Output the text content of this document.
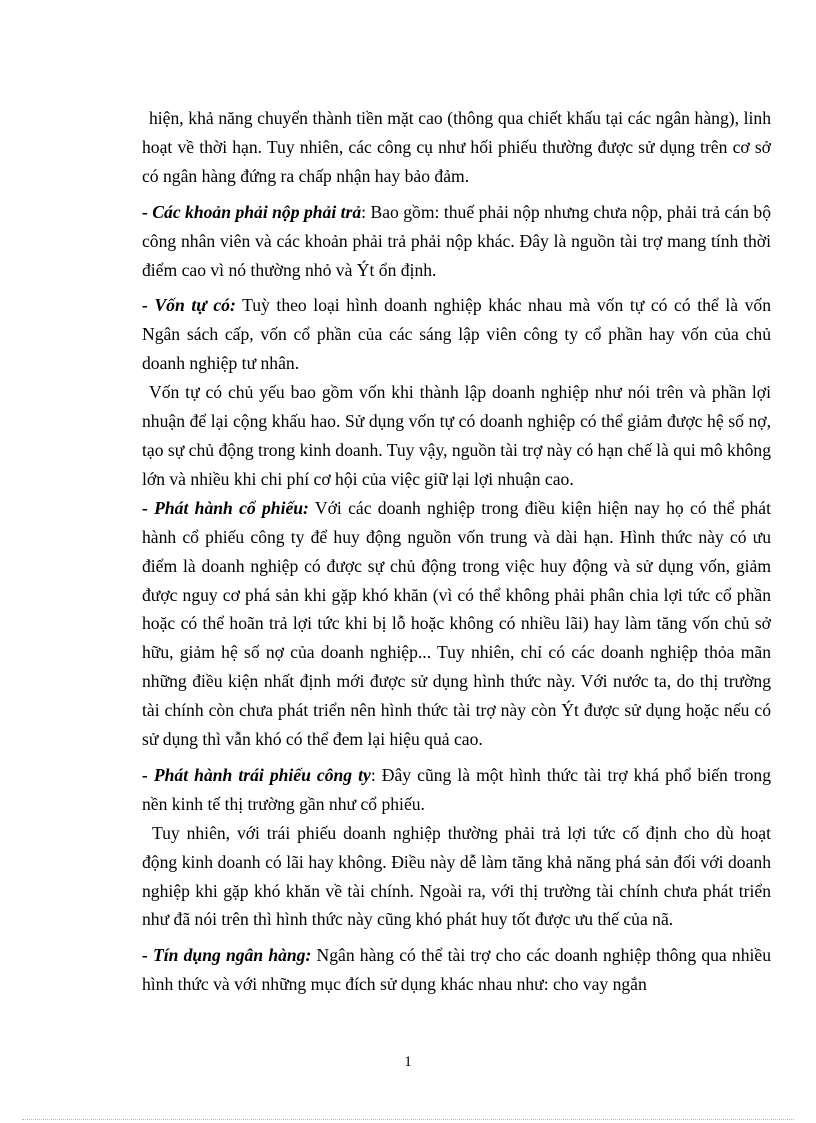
hiện, khả năng chuyển thành tiền mặt cao (thông qua chiết khấu tại các ngân hàng), linh hoạt về thời hạn. Tuy nhiên, các công cụ như hối phiếu thường được sử dụng trên cơ sở có ngân hàng đứng ra chấp nhận hay bảo đảm.

- Các khoản phải nộp phải trả: Bao gồm: thuế phải nộp nhưng chưa nộp, phải trả cán bộ công nhân viên và các khoản phải trả phải nộp khác. Đây là nguồn tài trợ mang tính thời điểm cao vì nó thường nhỏ và Ýt ổn định.

- Vốn tự có: Tuỳ theo loại hình doanh nghiệp khác nhau mà vốn tự có có thể là vốn Ngân sách cấp, vốn cổ phần của các sáng lập viên công ty cổ phần hay vốn của chủ doanh nghiệp tư nhân.

Vốn tự có chủ yếu bao gồm vốn khi thành lập doanh nghiệp như nói trên và phần lợi nhuận để lại cộng khấu hao. Sử dụng vốn tự có doanh nghiệp có thể giảm được hệ số nợ, tạo sự chủ động trong kinh doanh. Tuy vậy, nguồn tài trợ này có hạn chế là qui mô không lớn và nhiều khi chi phí cơ hội của việc giữ lại lợi nhuận cao.

- Phát hành cổ phiếu: Với các doanh nghiệp trong điều kiện hiện nay họ có thể phát hành cổ phiếu công ty để huy động nguồn vốn trung và dài hạn. Hình thức này có ưu điểm là doanh nghiệp có được sự chủ động trong việc huy động và sử dụng vốn, giảm được nguy cơ phá sản khi gặp khó khăn (vì có thể không phải phân chia lợi tức cổ phần hoặc có thể hoãn trả lợi tức khi bị lỗ hoặc không có nhiều lãi) hay làm tăng vốn chủ sở hữu, giảm hệ số nợ của doanh nghiệp... Tuy nhiên, chỉ có các doanh nghiệp thỏa mãn những điều kiện nhất định mới được sử dụng hình thức này. Với nước ta, do thị trường tài chính còn chưa phát triển nên hình thức tài trợ này còn Ýt được sử dụng hoặc nếu có sử dụng thì vẫn khó có thể đem lại hiệu quả cao.

- Phát hành trái phiếu công ty: Đây cũng là một hình thức tài trợ khá phổ biến trong nền kinh tế thị trường gần như cổ phiếu.

Tuy nhiên, với trái phiếu doanh nghiệp thường phải trả lợi tức cố định cho dù hoạt động kinh doanh có lãi hay không. Điều này dễ làm tăng khả năng phá sản đối với doanh nghiệp khi gặp khó khăn về tài chính. Ngoài ra, với thị trường tài chính chưa phát triển như đã nói trên thì hình thức này cũng khó phát huy tốt được ưu thế của nã.

- Tín dụng ngân hàng: Ngân hàng có thể tài trợ cho các doanh nghiệp thông qua nhiều hình thức và với những mục đích sử dụng khác nhau như: cho vay ngắn

1
